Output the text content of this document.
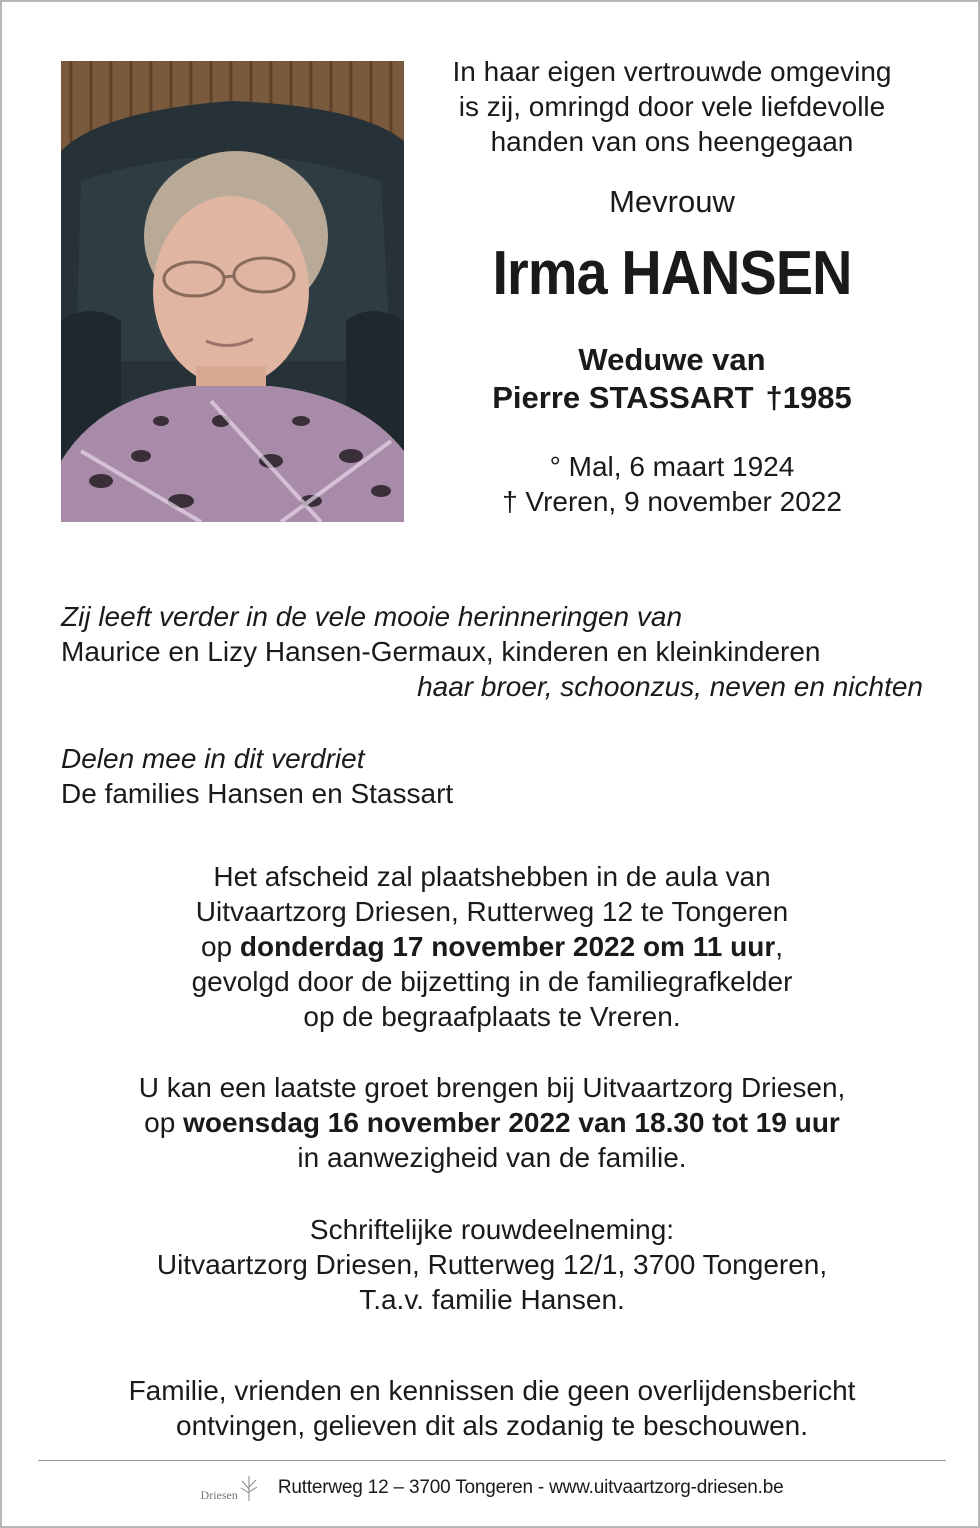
In haar eigen vertrouwde omgeving
is zij, omringd door vele liefdevolle
handen van ons heengegaan
Mevrouw
Irma HANSEN
Weduwe van
Pierre STASSART †1985
° Mal, 6 maart 1924
† Vreren, 9 november 2022
Zij leeft verder in de vele mooie herinneringen van
Maurice en Lizy Hansen-Germaux, kinderen en kleinkinderen
haar broer, schoonzus, neven en nichten
Delen mee in dit verdriet
De families Hansen en Stassart
Het afscheid zal plaatshebben in de aula van
Uitvaartzorg Driesen, Rutterweg 12 te Tongeren
op donderdag 17 november 2022 om 11 uur,
gevolgd door de bijzetting in de familiegrafkelder
op de begraafplaats te Vreren.
U kan een laatste groet brengen bij Uitvaartzorg Driesen,
op woensdag 16 november 2022 van 18.30 tot 19 uur
in aanwezigheid van de familie.
Schriftelijke rouwdeelneming:
Uitvaartzorg Driesen, Rutterweg 12/1, 3700 Tongeren,
T.a.v. familie Hansen.
Familie, vrienden en kennissen die geen overlijdensbericht
ontvingen, gelieven dit als zodanig te beschouwen.
Driesen Rutterweg 12 – 3700 Tongeren - www.uitvaartzorg-driesen.be
